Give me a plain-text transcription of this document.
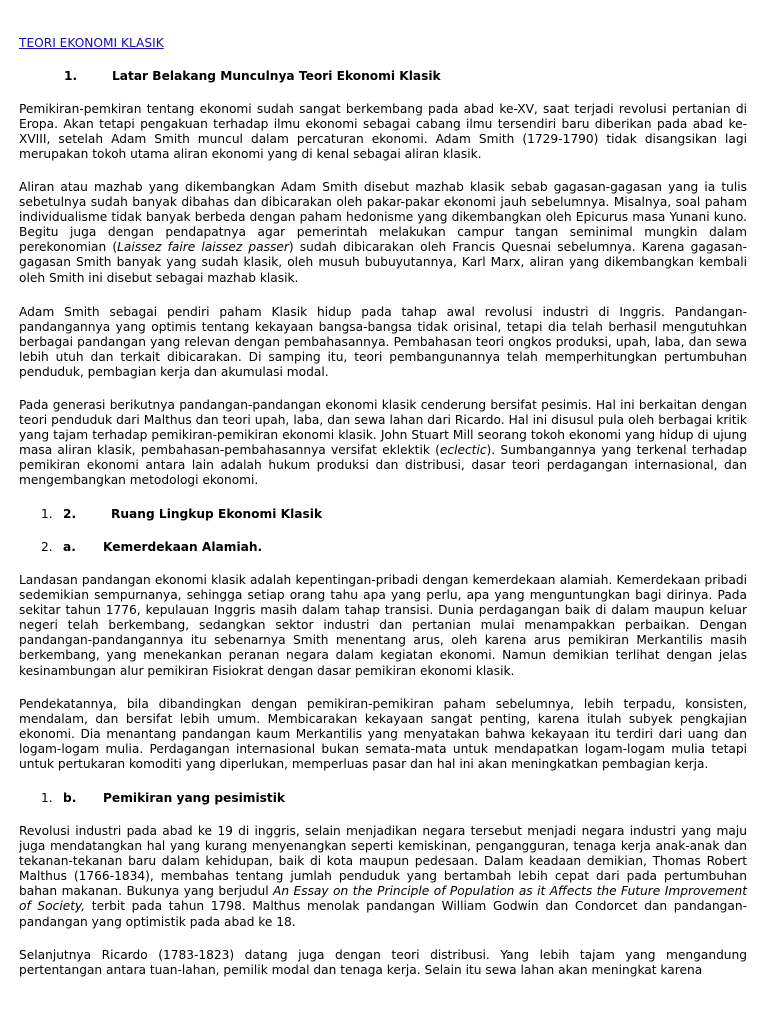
TEORI EKONOMI KLASIK
1.	Latar Belakang Munculnya Teori Ekonomi Klasik

Pemikiran-pemkiran tentang ekonomi sudah sangat berkembang pada abad ke-XV, saat terjadi revolusi pertanian di Eropa. Akan tetapi pengakuan terhadap ilmu ekonomi sebagai cabang ilmu tersendiri baru diberikan pada abad ke-XVIII, setelah Adam Smith muncul dalam percaturan ekonomi. Adam Smith (1729-1790) tidak disangsikan lagi merupakan tokoh utama aliran ekonomi yang di kenal sebagai aliran klasik.

Aliran atau mazhab yang dikembangkan Adam Smith disebut mazhab klasik sebab gagasan-gagasan yang ia tulis sebetulnya sudah banyak dibahas dan dibicarakan oleh pakar-pakar ekonomi jauh sebelumnya. Misalnya, soal paham individualisme tidak banyak berbeda dengan paham hedonisme yang dikembangkan oleh Epicurus masa Yunani kuno. Begitu juga dengan pendapatnya agar pemerintah melakukan campur tangan seminimal mungkin dalam perekonomian (Laissez faire laissez passer) sudah dibicarakan oleh Francis Quesnai sebelumnya. Karena gagasan-gagasan Smith banyak yang sudah klasik, oleh musuh bubuyutannya, Karl Marx, aliran yang dikembangkan kembali oleh Smith ini disebut sebagai mazhab klasik.

Adam Smith sebagai pendiri paham Klasik hidup pada tahap awal revolusi industri di Inggris. Pandangan-pandangannya yang optimis tentang kekayaan bangsa-bangsa tidak orisinal, tetapi dia telah berhasil mengutuhkan berbagai pandangan yang relevan dengan pembahasannya. Pembahasan teori ongkos produksi, upah, laba, dan sewa lebih utuh dan terkait dibicarakan. Di samping itu, teori pembangunannya telah memperhitungkan pertumbuhan penduduk, pembagian kerja dan akumulasi modal.

Pada generasi berikutnya pandangan-pandangan ekonomi klasik cenderung bersifat pesimis. Hal ini berkaitan dengan teori penduduk dari Malthus dan teori upah, laba, dan sewa lahan dari Ricardo. Hal ini disusul pula oleh berbagai kritik yang tajam terhadap pemikiran-pemikiran ekonomi klasik. John Stuart Mill seorang tokoh ekonomi yang hidup di ujung masa aliran klasik, pembahasan-pembahasannya versifat eklektik (eclectic). Sumbangannya yang terkenal terhadap pemikiran ekonomi antara lain adalah hukum produksi dan distribusi, dasar teori perdagangan internasional, dan mengembangkan metodologi ekonomi.

1. 2.	Ruang Lingkup Ekonomi Klasik
2. a. Kemerdekaan Alamiah.

Landasan pandangan ekonomi klasik adalah kepentingan-pribadi dengan kemerdekaan alamiah. Kemerdekaan pribadi sedemikian sempurnanya, sehingga setiap orang tahu apa yang perlu, apa yang menguntungkan bagi dirinya. Pada sekitar tahun 1776, kepulauan Inggris masih dalam tahap transisi. Dunia perdagangan baik di dalam maupun keluar negeri telah berkembang, sedangkan sektor industri dan pertanian mulai menampakkan perbaikan. Dengan pandangan-pandangannya itu sebenarnya Smith menentang arus, oleh karena arus pemikiran Merkantilis masih berkembang, yang menekankan peranan negara dalam kegiatan ekonomi. Namun demikian terlihat dengan jelas kesinambungan alur pemikiran Fisiokrat dengan dasar pemikiran ekonomi klasik.

Pendekatannya, bila dibandingkan dengan pemikiran-pemikiran paham sebelumnya, lebih terpadu, konsisten, mendalam, dan bersifat lebih umum. Membicarakan kekayaan sangat penting, karena itulah subyek pengkajian ekonomi. Dia menantang pandangan kaum Merkantilis yang menyatakan bahwa kekayaan itu terdiri dari uang dan logam-logam mulia. Perdagangan internasional bukan semata-mata untuk mendapatkan logam-logam mulia tetapi untuk pertukaran komoditi yang diperlukan, memperluas pasar dan hal ini akan meningkatkan pembagian kerja.

1. b. Pemikiran yang pesimistik

Revolusi industri pada abad ke 19 di inggris, selain menjadikan negara tersebut menjadi negara industri yang maju juga mendatangkan hal yang kurang menyenangkan seperti kemiskinan, pengangguran, tenaga kerja anak-anak dan tekanan-tekanan baru dalam kehidupan, baik di kota maupun pedesaan. Dalam keadaan demikian, Thomas Robert Malthus (1766-1834), membahas tentang jumlah penduduk yang bertambah lebih cepat dari pada pertumbuhan bahan makanan. Bukunya yang berjudul An Essay on the Principle of Population as it Affects the Future Improvement of Society, terbit pada tahun 1798. Malthus menolak pandangan William Godwin dan Condorcet dan pandangan-pandangan yang optimistik pada abad ke 18.

Selanjutnya Ricardo (1783-1823) datang juga dengan teori distribusi. Yang lebih tajam yang mengandung pertentangan antara tuan-lahan, pemilik modal dan tenaga kerja. Selain itu sewa lahan akan meningkat karena
